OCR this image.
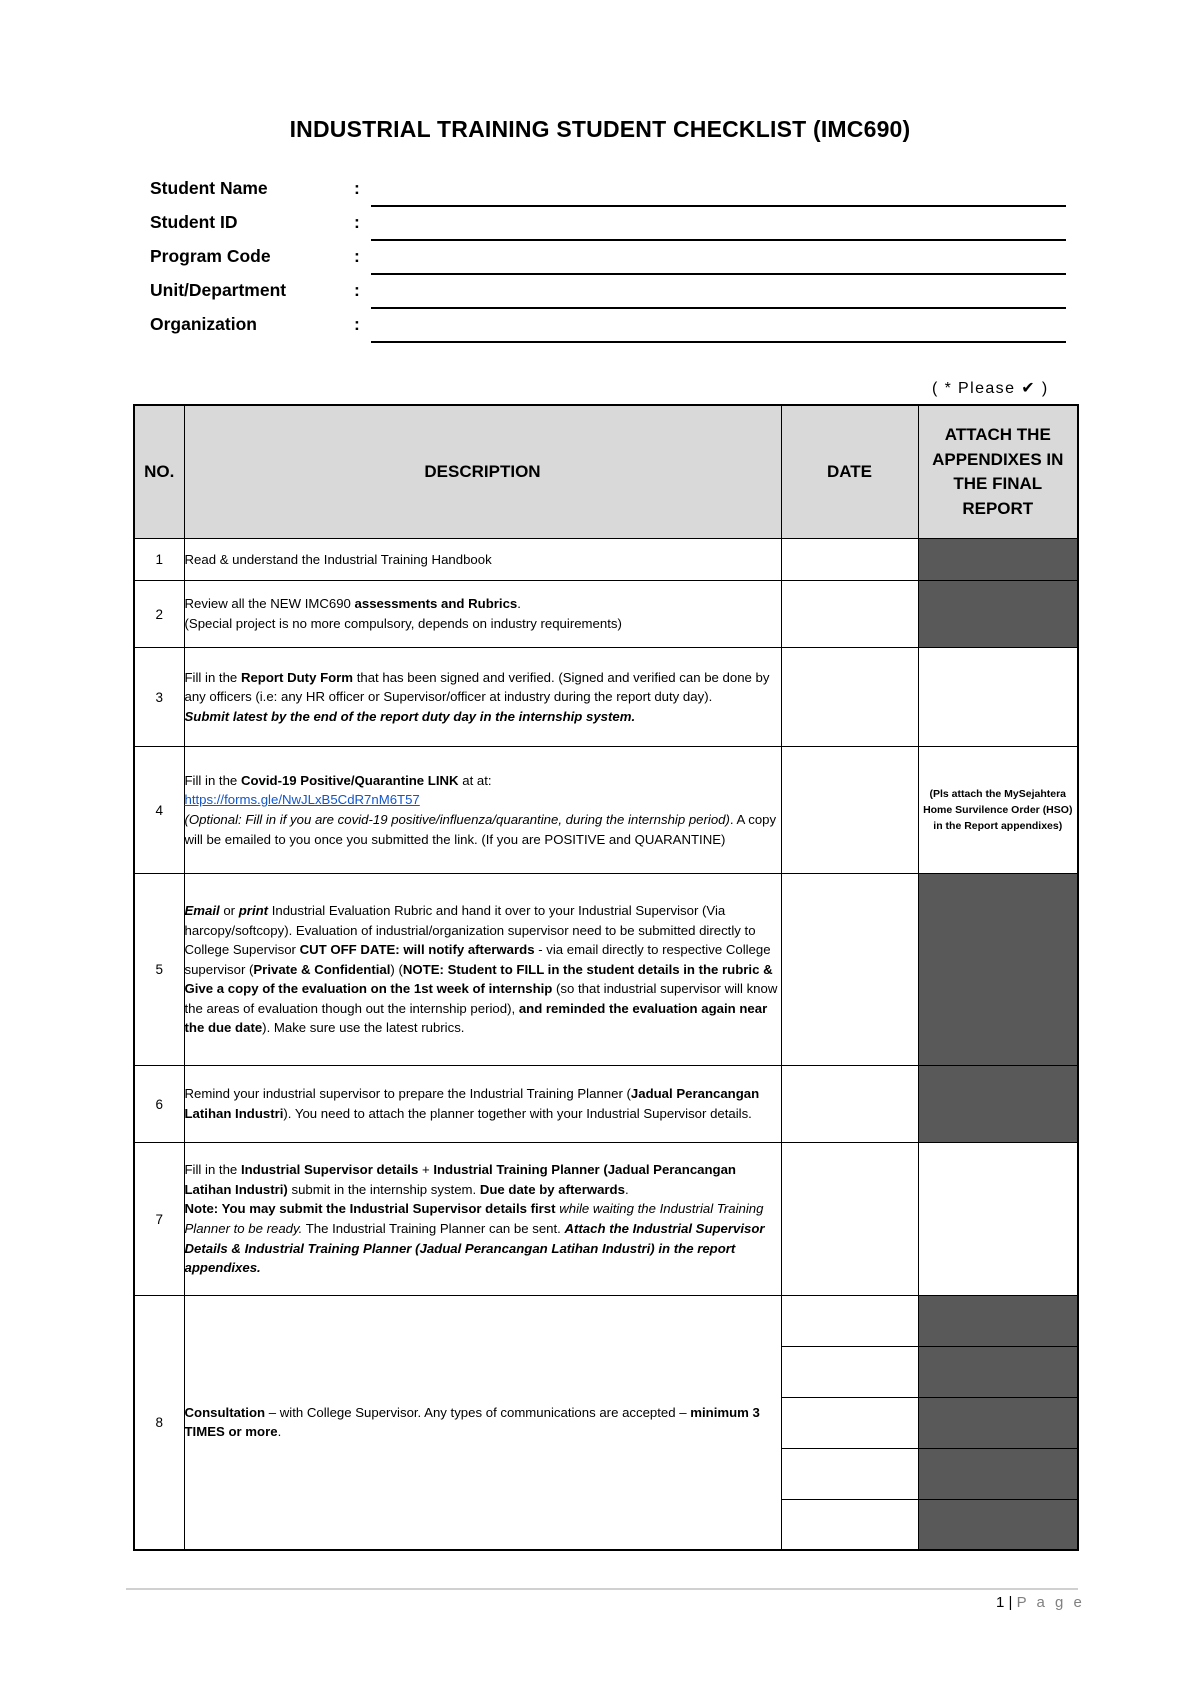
INDUSTRIAL TRAINING STUDENT CHECKLIST (IMC690)
Student Name	:
Student ID	:
Program Code	:
Unit/Department	:
Organization	:
( * Please ✔ )
NO.	DESCRIPTION	DATE	ATTACH THE APPENDIXES IN THE FINAL REPORT
1	Read & understand the Industrial Training Handbook		
2	Review all the NEW IMC690 assessments and Rubrics.
(Special project is no more compulsory, depends on industry requirements)		
3	Fill in the Report Duty Form that has been signed and verified. (Signed and verified can be done by any officers (i.e: any HR officer or Supervisor/officer at industry during the report duty day).
Submit latest by the end of the report duty day in the internship system.		
4	Fill in the Covid-19 Positive/Quarantine LINK at at:
https://forms.gle/NwJLxB5CdR7nM6T57
(Optional: Fill in if you are covid-19 positive/influenza/quarantine, during the internship period). A copy will be emailed to you once you submitted the link. (If you are POSITIVE and QUARANTINE)		(Pls attach the MySejahtera Home Survilence Order (HSO) in the Report appendixes)
5	Email or print Industrial Evaluation Rubric and hand it over to your Industrial Supervisor (Via harcopy/softcopy). Evaluation of industrial/organization supervisor need to be submitted directly to College Supervisor CUT OFF DATE: will notify afterwards - via email directly to respective College supervisor (Private & Confidential) (NOTE: Student to FILL in the student details in the rubric & Give a copy of the evaluation on the 1st week of internship (so that industrial supervisor will know the areas of evaluation though out the internship period), and reminded the evaluation again near the due date). Make sure use the latest rubrics.		
6	Remind your industrial supervisor to prepare the Industrial Training Planner (Jadual Perancangan Latihan Industri). You need to attach the planner together with your Industrial Supervisor details.		
7	Fill in the Industrial Supervisor details + Industrial Training Planner (Jadual Perancangan Latihan Industri) submit in the internship system. Due date by afterwards.
Note: You may submit the Industrial Supervisor details first while waiting the Industrial Training Planner to be ready. The Industrial Training Planner can be sent. Attach the Industrial Supervisor Details & Industrial Training Planner (Jadual Perancangan Latihan Industri) in the report appendixes.		
8	Consultation – with College Supervisor. Any types of communications are accepted – minimum 3 TIMES or more.		

1 | P a g e
